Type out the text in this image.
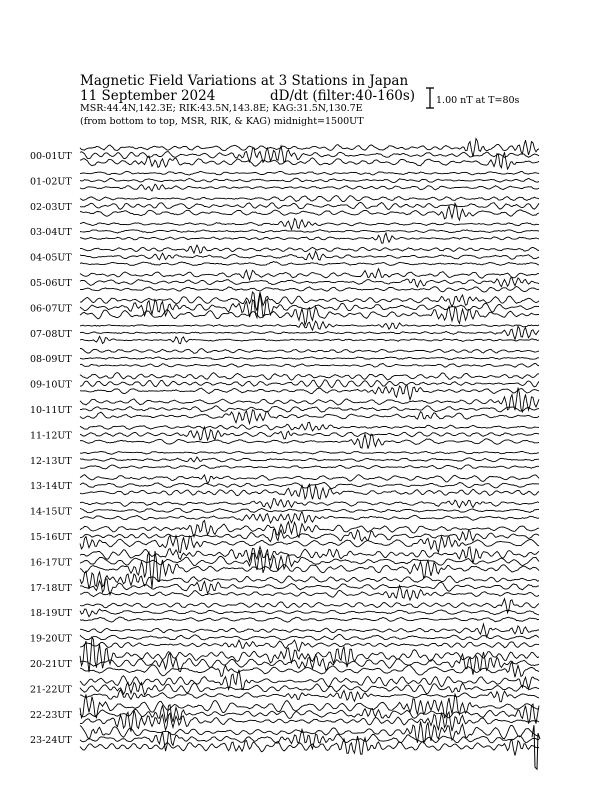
Magnetic Field Variations at 3 Stations in Japan
11 September 2024	dD/dt (filter:40-160s)
MSR:44.4N,142.3E; RIK:43.5N,143.8E; KAG:31.5N,130.7E
(from bottom to top, MSR, RIK, & KAG) midnight=1500UT
1.00 nT at T=80s
00-01UT
01-02UT
02-03UT
03-04UT
04-05UT
05-06UT
06-07UT
07-08UT
08-09UT
09-10UT
10-11UT
11-12UT
12-13UT
13-14UT
14-15UT
15-16UT
16-17UT
17-18UT
18-19UT
19-20UT
20-21UT
21-22UT
22-23UT
23-24UT
